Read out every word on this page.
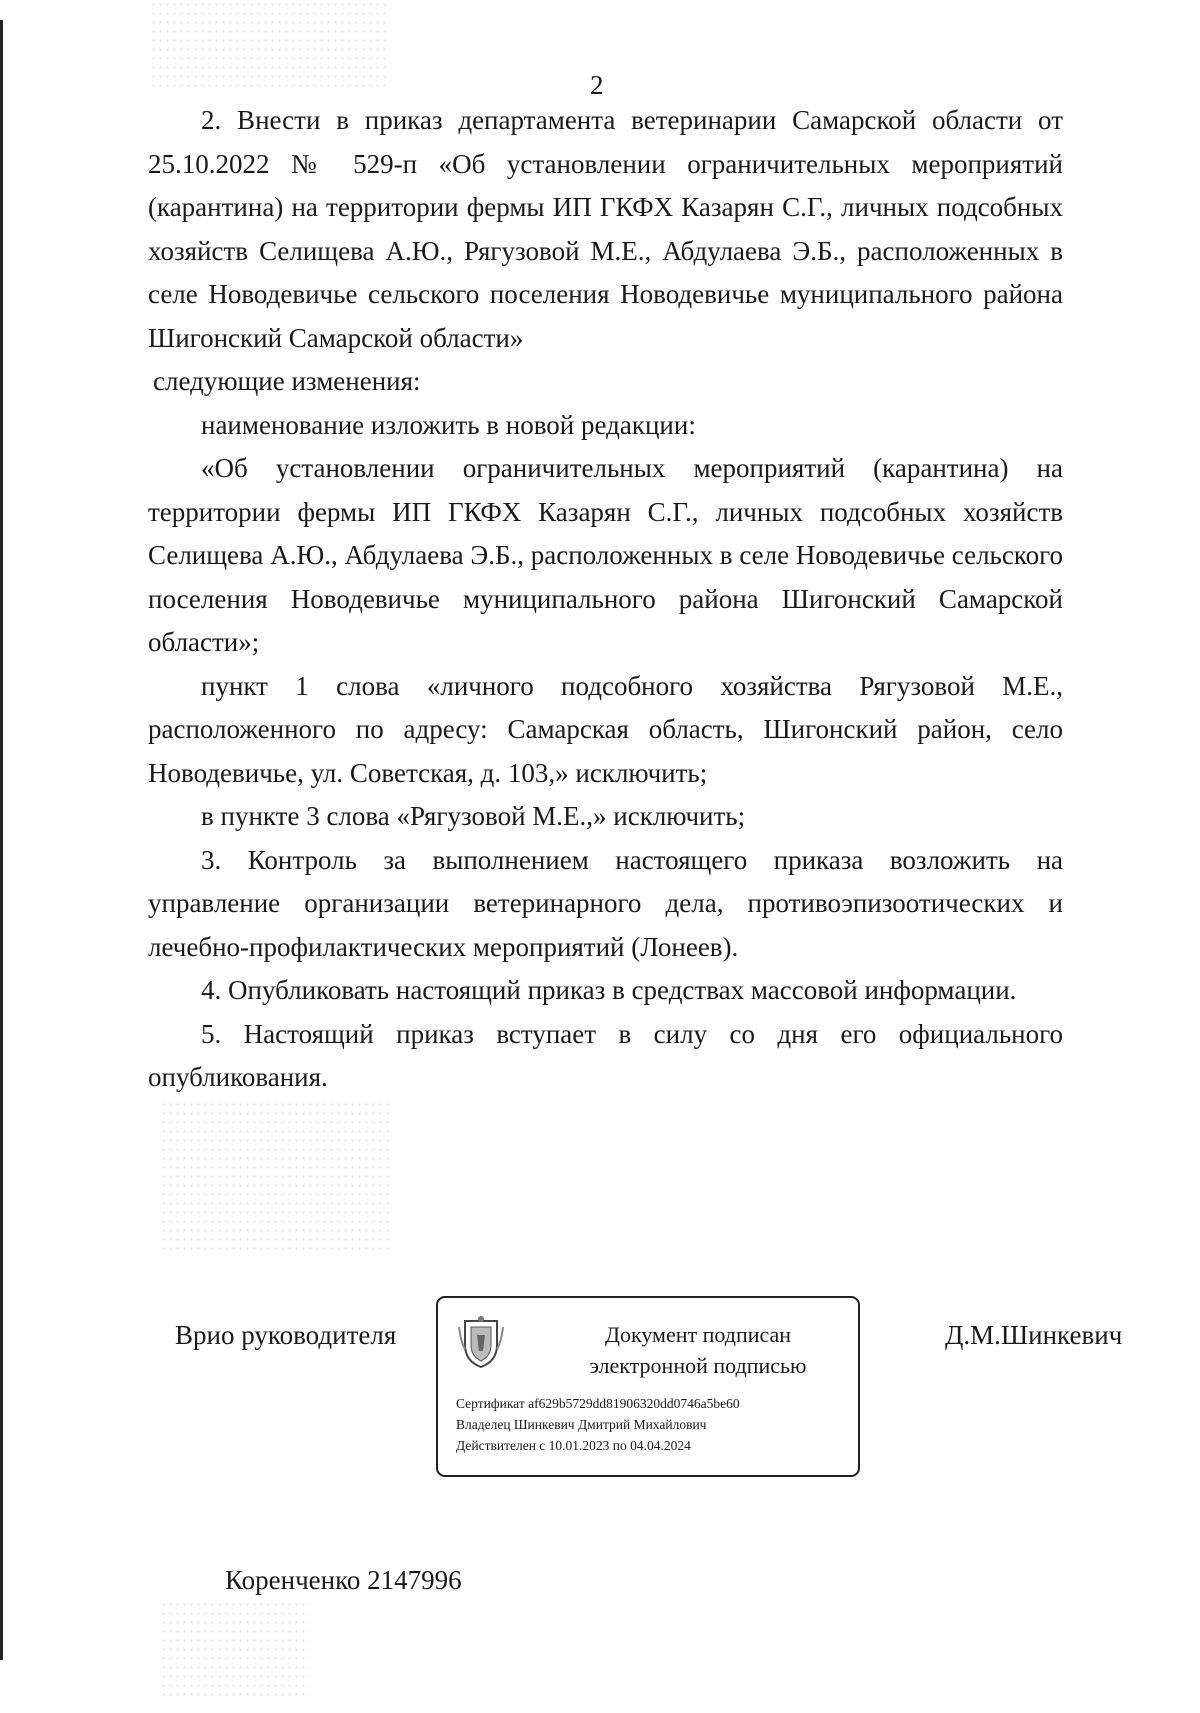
2

2. Внести в приказ департамента ветеринарии Самарской области от 25.10.2022 № 529-п «Об установлении ограничительных мероприятий (карантина) на территории фермы ИП ГКФХ Казарян С.Г., личных подсобных хозяйств Селищева А.Ю., Рягузовой М.Е., Абдулаева Э.Б., расположенных в селе Новодевичье сельского поселения Новодевичье муниципального района Шигонский Самарской области»

следующие изменения:

наименование изложить в новой редакции:

«Об установлении ограничительных мероприятий (карантина) на территории фермы ИП ГКФХ Казарян С.Г., личных подсобных хозяйств Селищева А.Ю., Абдулаева Э.Б., расположенных в селе Новодевичье сельского поселения Новодевичье муниципального района Шигонский Самарской области»;

пункт 1 слова «личного подсобного хозяйства Рягузовой М.Е., расположенного по адресу: Самарская область, Шигонский район, село Новодевичье, ул. Советская, д. 103,» исключить;

в пункте 3 слова «Рягузовой М.Е.,» исключить;

3. Контроль за выполнением настоящего приказа возложить на управление организации ветеринарного дела, противоэпизоотических и лечебно-профилактических мероприятий (Лонеев).

4. Опубликовать настоящий приказ в средствах массовой информации.

5. Настоящий приказ вступает в силу со дня его официального опубликования.

Врио руководителя	Документ подписан
электронной подписью
Сертификат af629b5729dd81906320dd0746a5be60
Владелец Шинкевич Дмитрий Михайлович
Действителен с 10.01.2023 по 04.04.2024
Д.М.Шинкевич
Коренченко 2147996
